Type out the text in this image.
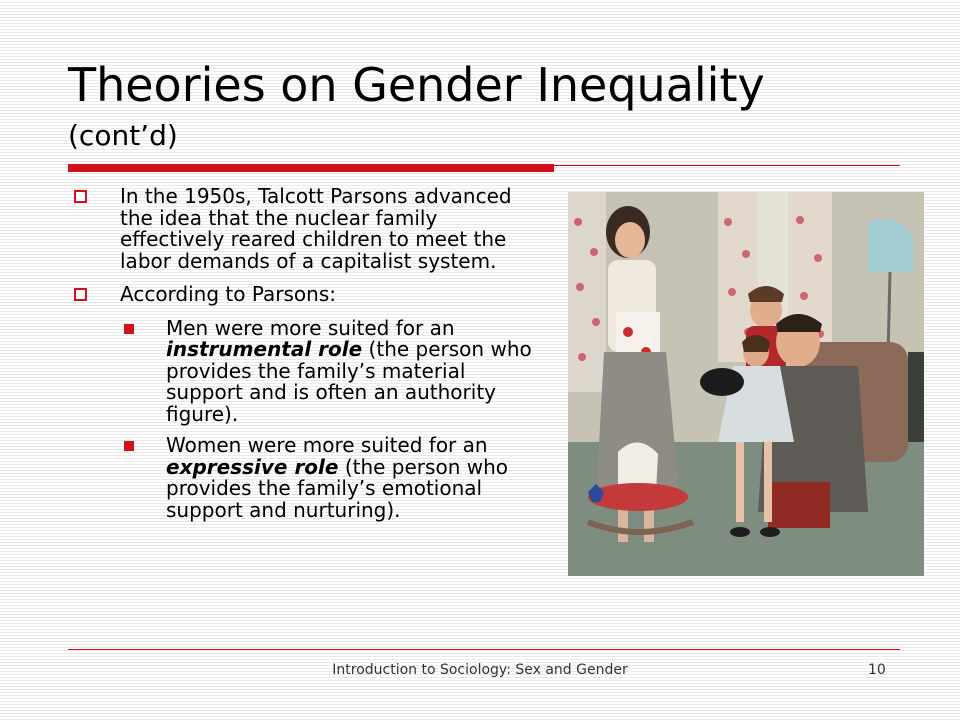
Theories on Gender Inequality
(cont’d)
In the 1950s, Talcott Parsons advanced the idea that the nuclear family effectively reared children to meet the labor demands of a capitalist system.
According to Parsons:
Men were more suited for an instrumental role (the person who provides the family’s material support and is often an authority figure).
Women were more suited for an expressive role (the person who provides the family’s emotional support and nurturing).
Introduction to Sociology: Sex and Gender	10
